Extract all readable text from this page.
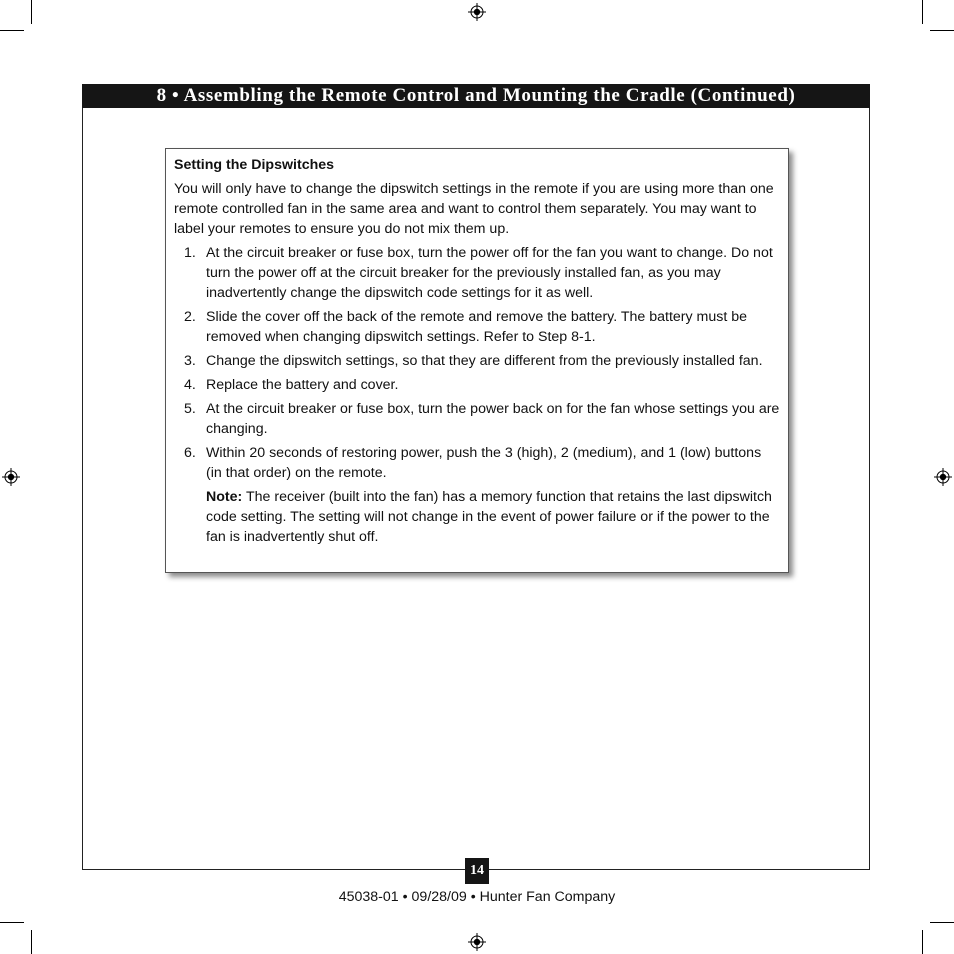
8 • Assembling the Remote Control and Mounting the Cradle (Continued)
Setting the Dipswitches

You will only have to change the dipswitch settings in the remote if you are using more than one remote controlled fan in the same area and want to control them separately. You may want to label your remotes to ensure you do not mix them up.

1. At the circuit breaker or fuse box, turn the power off for the fan you want to change. Do not turn the power off at the circuit breaker for the previously installed fan, as you may inadvertently change the dipswitch code settings for it as well.
2. Slide the cover off the back of the remote and remove the battery. The battery must be removed when changing dipswitch settings. Refer to Step 8-1.
3. Change the dipswitch settings, so that they are different from the previously installed fan.
4. Replace the battery and cover.
5. At the circuit breaker or fuse box, turn the power back on for the fan whose settings you are changing.
6. Within 20 seconds of restoring power, push the 3 (high), 2 (medium), and 1 (low) buttons (in that order) on the remote.

Note: The receiver (built into the fan) has a memory function that retains the last dipswitch code setting. The setting will not change in the event of power failure or if the power to the fan is inadvertently shut off.

14
45038-01 • 09/28/09 • Hunter Fan Company
